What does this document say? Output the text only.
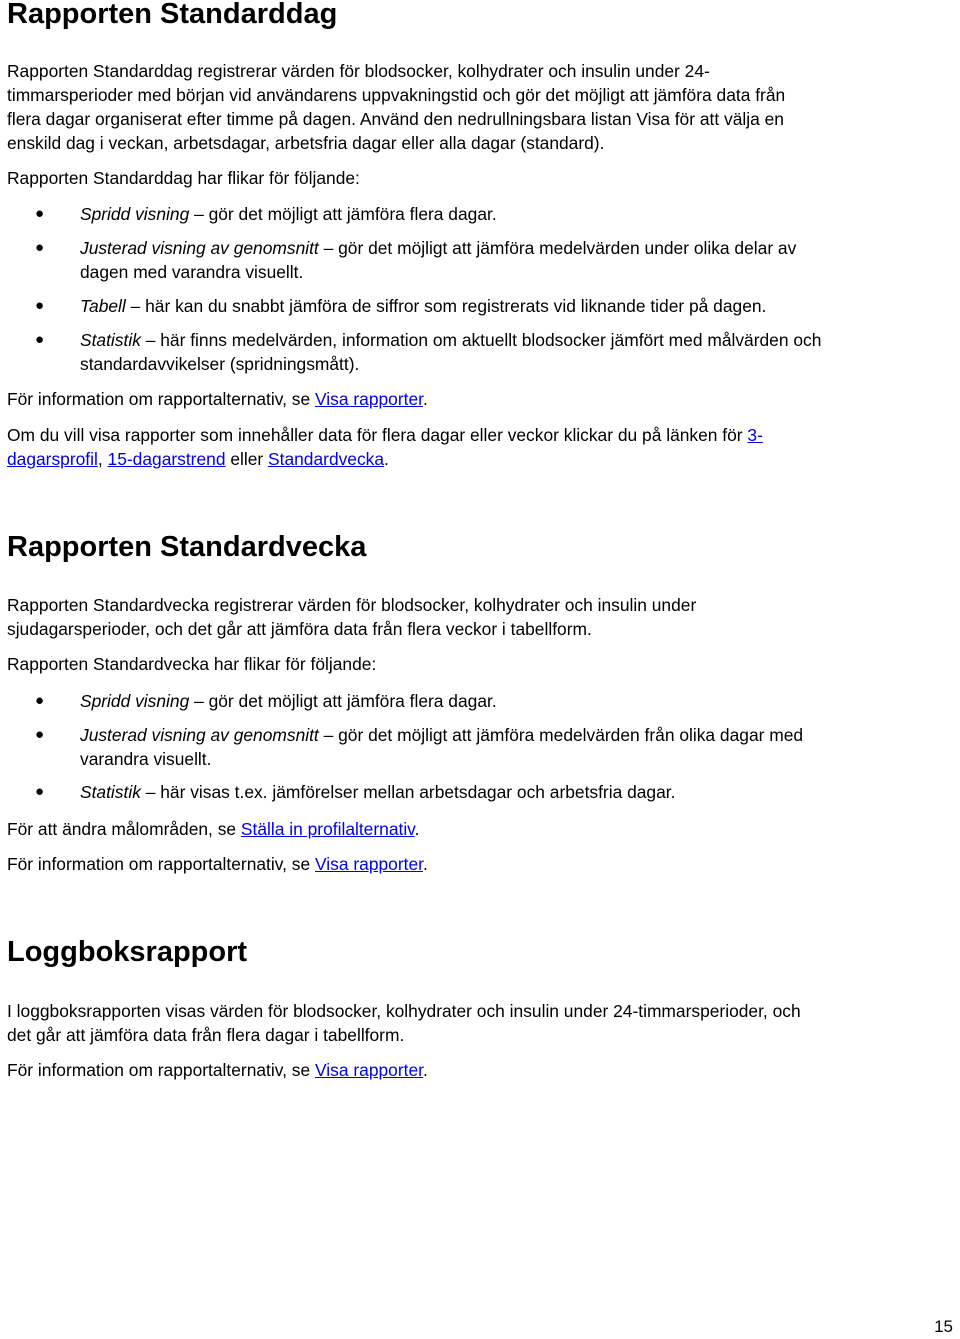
Rapporten Standarddag

Rapporten Standarddag registrerar värden för blodsocker, kolhydrater och insulin under 24-

timmarsperioder med början vid användarens uppvakningstid och gör det möjligt att jämföra data från

flera dagar organiserat efter timme på dagen. Använd den nedrullningsbara listan Visa för att välja en

enskild dag i veckan, arbetsdagar, arbetsfria dagar eller alla dagar (standard).

Rapporten Standarddag har flikar för följande:

● Spridd visning – gör det möjligt att jämföra flera dagar.
● Justerad visning av genomsnitt – gör det möjligt att jämföra medelvärden under olika delar av
dagen med varandra visuellt.
● Tabell – här kan du snabbt jämföra de siffror som registrerats vid liknande tider på dagen.
● Statistik – här finns medelvärden, information om aktuellt blodsocker jämfört med målvärden och
standardavvikelser (spridningsmått).

För information om rapportalternativ, se Visa rapporter.

Om du vill visa rapporter som innehåller data för flera dagar eller veckor klickar du på länken för 3-

dagarsprofil, 15-dagarstrend eller Standardvecka.

Rapporten Standardvecka

Rapporten Standardvecka registrerar värden för blodsocker, kolhydrater och insulin under

sjudagarsperioder, och det går att jämföra data från flera veckor i tabellform.

Rapporten Standardvecka har flikar för följande:

● Spridd visning – gör det möjligt att jämföra flera dagar.
● Justerad visning av genomsnitt – gör det möjligt att jämföra medelvärden från olika dagar med
varandra visuellt.
● Statistik – här visas t.ex. jämförelser mellan arbetsdagar och arbetsfria dagar.

För att ändra målområden, se Ställa in profilalternativ.

För information om rapportalternativ, se Visa rapporter.

Loggboksrapport

I loggboksrapporten visas värden för blodsocker, kolhydrater och insulin under 24-timmarsperioder, och

det går att jämföra data från flera dagar i tabellform.

För information om rapportalternativ, se Visa rapporter.

15
